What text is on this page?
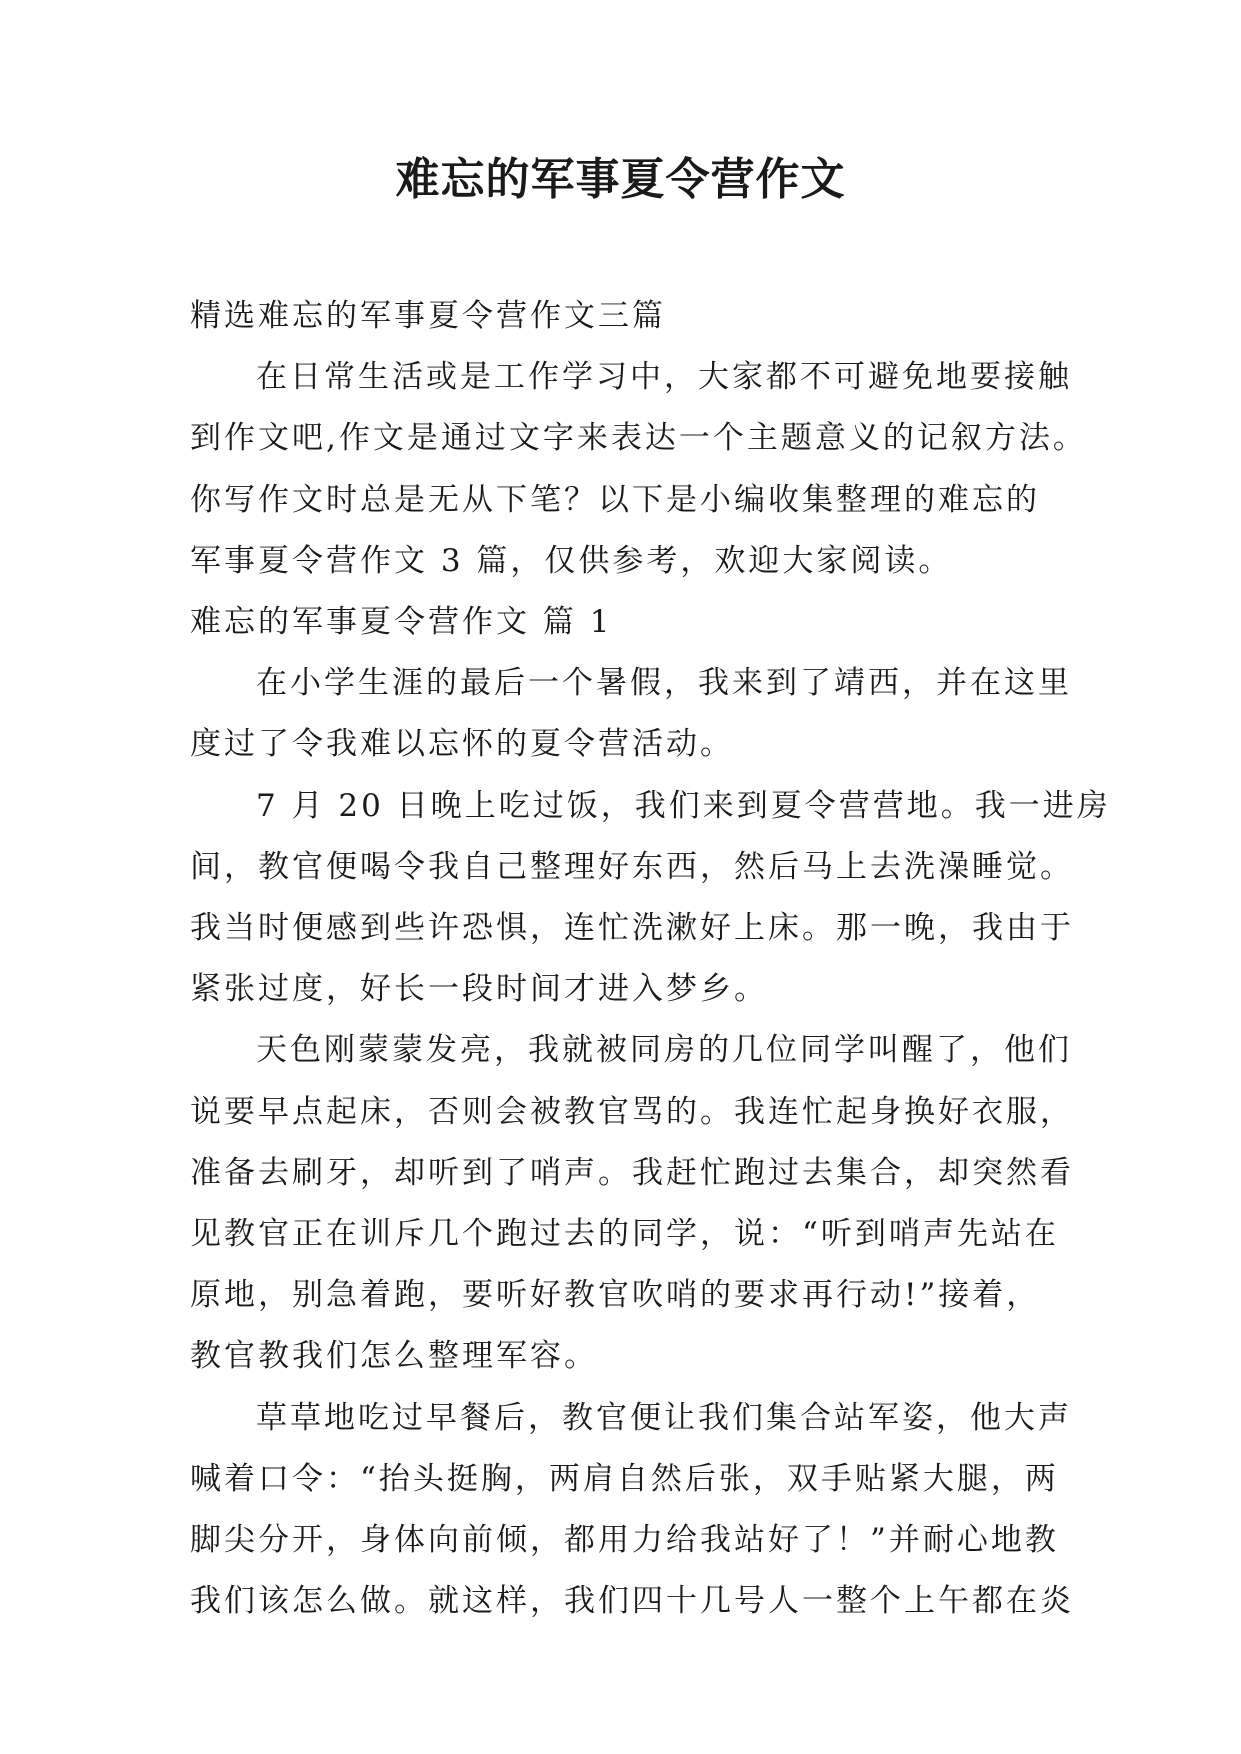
难忘的军事夏令营作文

精选难忘的军事夏令营作文三篇

在日常生活或是工作学习中，大家都不可避免地要接触
到作文吧,作文是通过文字来表达一个主题意义的记叙方法。
你写作文时总是无从下笔？以下是小编收集整理的难忘的
军事夏令营作文 3 篇，仅供参考，欢迎大家阅读。

难忘的军事夏令营作文 篇 1

在小学生涯的最后一个暑假，我来到了靖西，并在这里
度过了令我难以忘怀的夏令营活动。

7 月 20 日晚上吃过饭，我们来到夏令营营地。我一进房
间，教官便喝令我自己整理好东西，然后马上去洗澡睡觉。
我当时便感到些许恐惧，连忙洗漱好上床。那一晚，我由于
紧张过度，好长一段时间才进入梦乡。

天色刚蒙蒙发亮，我就被同房的几位同学叫醒了，他们
说要早点起床，否则会被教官骂的。我连忙起身换好衣服，
准备去刷牙，却听到了哨声。我赶忙跑过去集合，却突然看
见教官正在训斥几个跑过去的同学，说：“听到哨声先站在
原地，别急着跑，要听好教官吹哨的要求再行动!”接着，
教官教我们怎么整理军容。

草草地吃过早餐后，教官便让我们集合站军姿，他大声
喊着口令：“抬头挺胸，两肩自然后张，双手贴紧大腿，两
脚尖分开，身体向前倾，都用力给我站好了！”并耐心地教
我们该怎么做。就这样，我们四十几号人一整个上午都在炎
